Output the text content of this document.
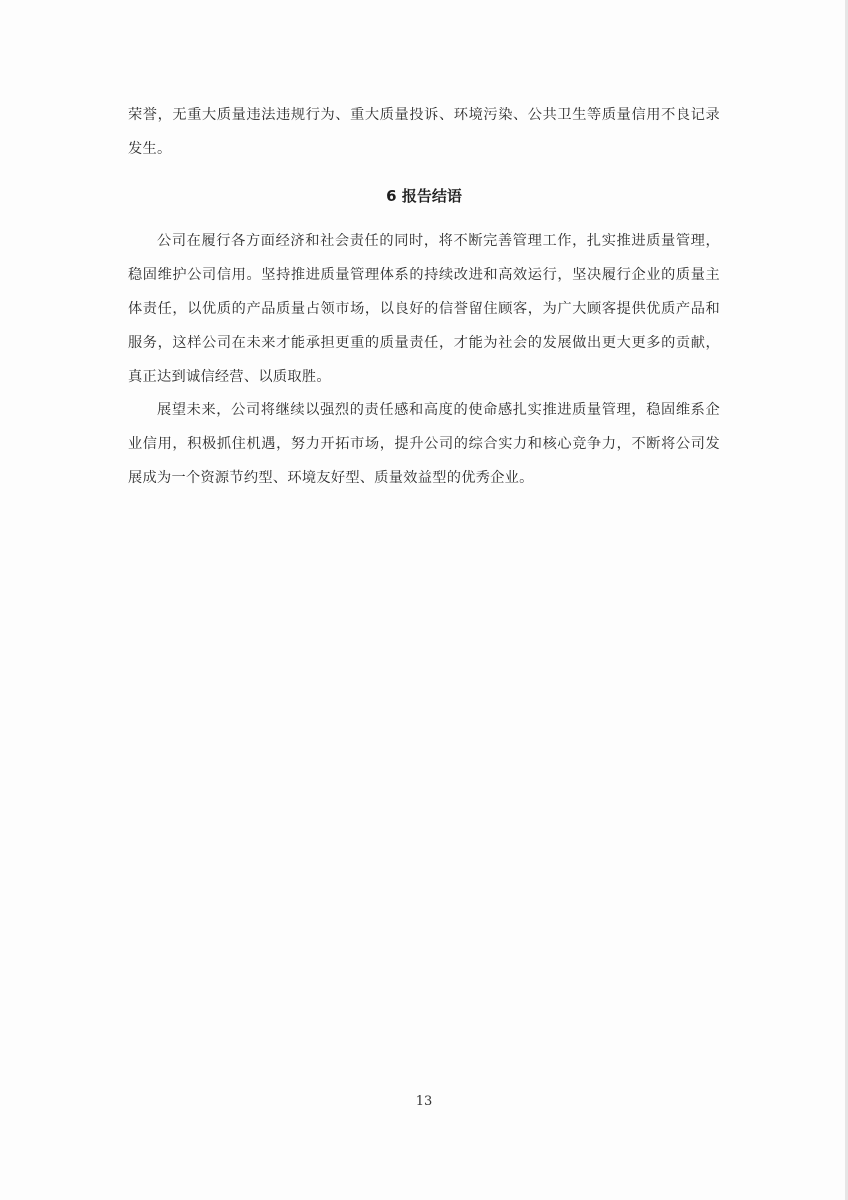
荣誉，无重大质量违法违规行为、重大质量投诉、环境污染、公共卫生等质量信用不良记录发生。

6 报告结语

公司在履行各方面经济和社会责任的同时，将不断完善管理工作，扎实推进质量管理，稳固维护公司信用。坚持推进质量管理体系的持续改进和高效运行，坚决履行企业的质量主体责任，以优质的产品质量占领市场，以良好的信誉留住顾客，为广大顾客提供优质产品和服务，这样公司在未来才能承担更重的质量责任，才能为社会的发展做出更大更多的贡献，真正达到诚信经营、以质取胜。

展望未来，公司将继续以强烈的责任感和高度的使命感扎实推进质量管理，稳固维系企业信用，积极抓住机遇，努力开拓市场，提升公司的综合实力和核心竞争力，不断将公司发展成为一个资源节约型、环境友好型、质量效益型的优秀企业。

13
